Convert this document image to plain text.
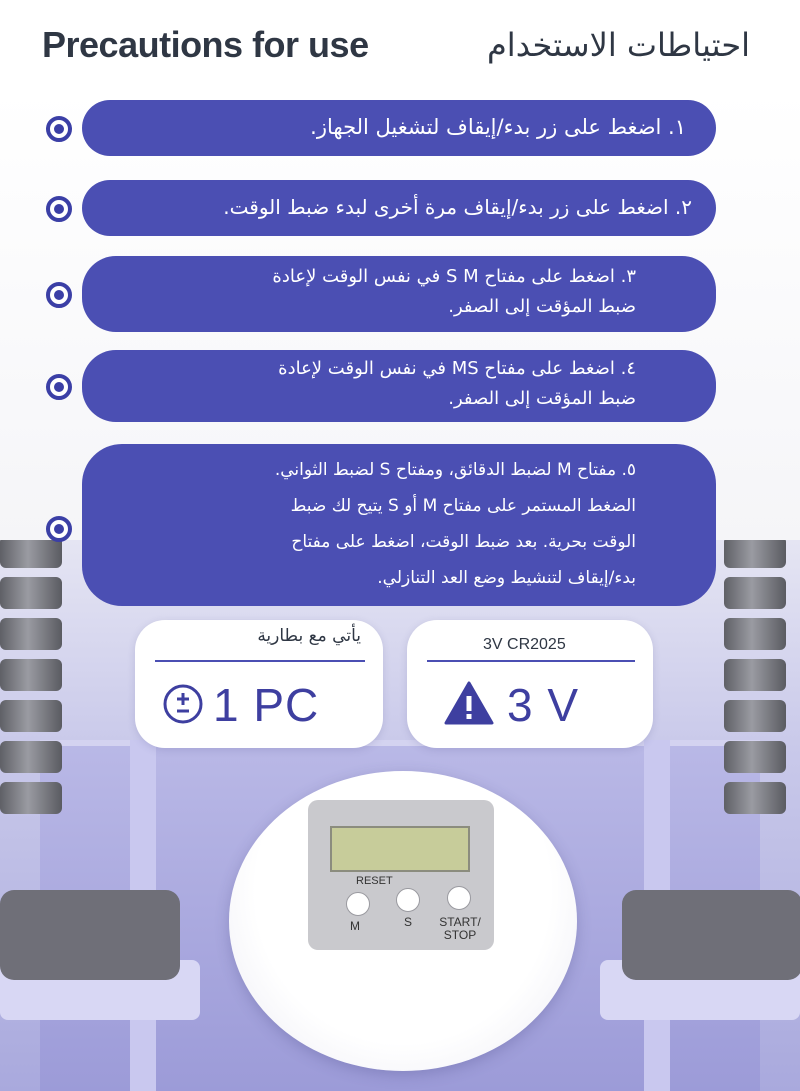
Precautions for use	احتياطات الاستخدام
١. اضغط على زر بدء/إيقاف لتشغيل الجهاز.
٢. اضغط على زر بدء/إيقاف مرة أخرى لبدء ضبط الوقت.
٣. اضغط على مفتاح S M في نفس الوقت لإعادة
ضبط المؤقت إلى الصفر.
٤. اضغط على مفتاح MS في نفس الوقت لإعادة
ضبط المؤقت إلى الصفر.
٥. مفتاح M لضبط الدقائق، ومفتاح S لضبط الثواني.
الضغط المستمر على مفتاح M أو S يتيح لك ضبط
الوقت بحرية. بعد ضبط الوقت، اضغط على مفتاح
بدء/إيقاف لتنشيط وضع العد التنازلي.
يأتي مع بطارية
1 PC
3V CR2025
3 V
RESET
M	S	START/ STOP
